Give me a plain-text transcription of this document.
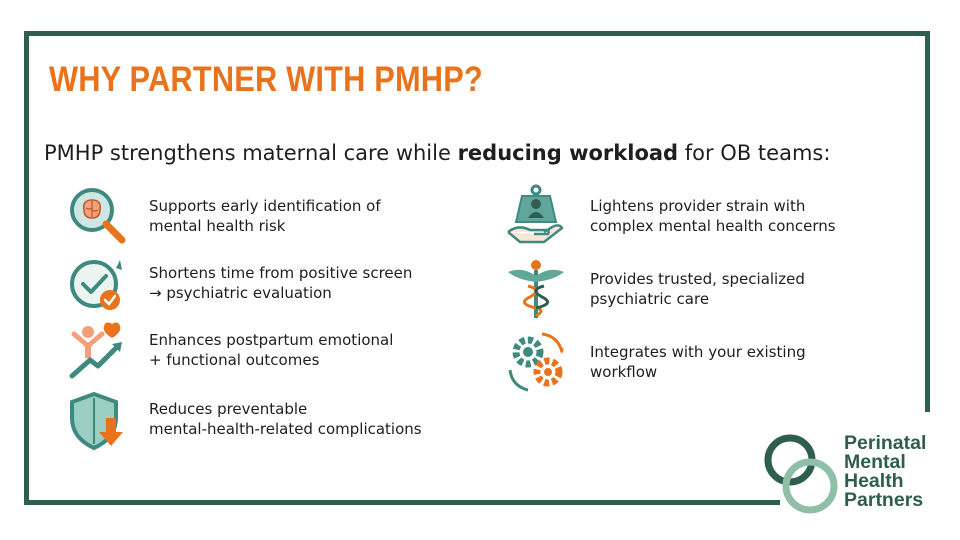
WHY PARTNER WITH PMHP?
PMHP strengthens maternal care while reducing workload for OB teams:
Supports early identification of
mental health risk
Shortens time from positive screen
→ psychiatric evaluation
Enhances postpartum emotional
+ functional outcomes
Reduces preventable
mental-health-related complications
Lightens provider strain with
complex mental health concerns
Provides trusted, specialized
psychiatric care
Integrates with your existing
workflow
Perinatal
Mental
Health
Partners
